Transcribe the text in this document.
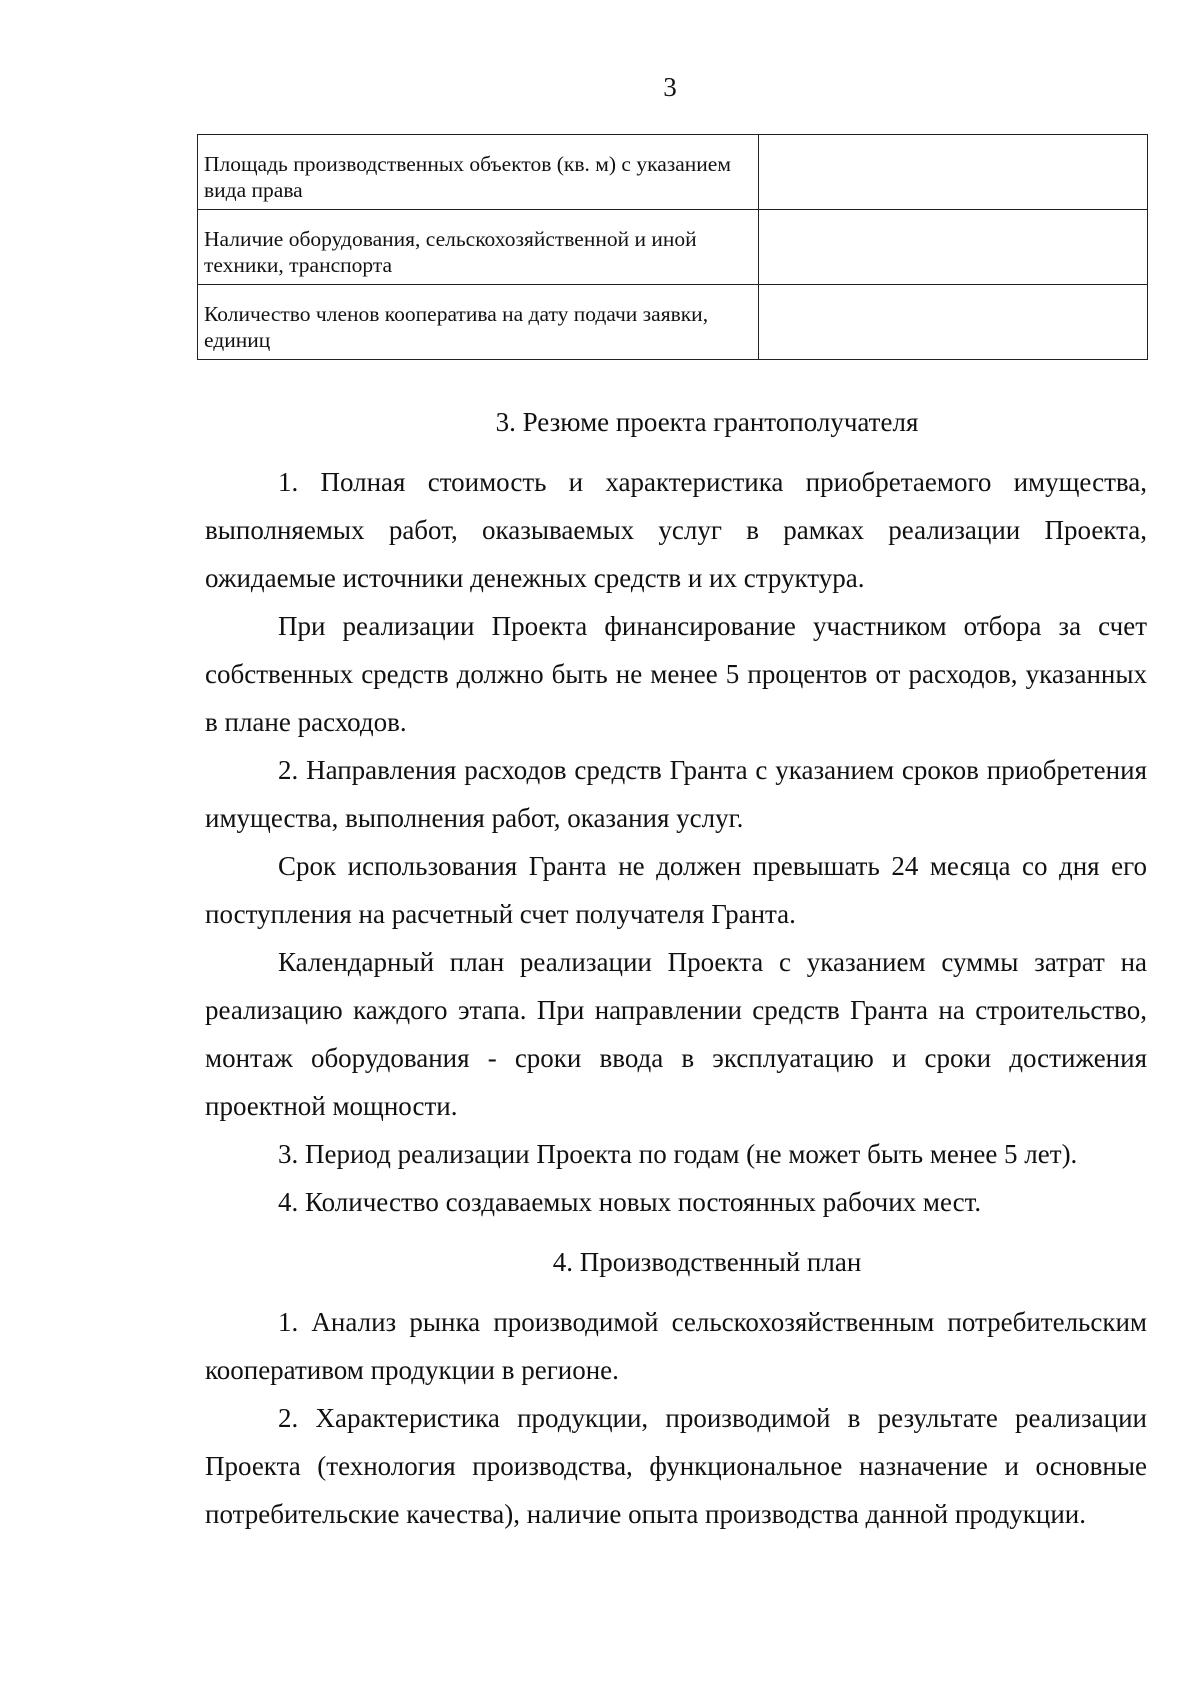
3
Площадь производственных объектов (кв. м) с указанием вида права	
Наличие оборудования, сельскохозяйственной и иной техники, транспорта	
Количество членов кооператива на дату подачи заявки, единиц	

3. Резюме проекта грантополучателя

1. Полная стоимость и характеристика приобретаемого имущества, выполняемых работ, оказываемых услуг в рамках реализации Проекта, ожидаемые источники денежных средств и их структура.

При реализации Проекта финансирование участником отбора за счет собственных средств должно быть не менее 5 процентов от расходов, указанных в плане расходов.

2. Направления расходов средств Гранта с указанием сроков приобретения имущества, выполнения работ, оказания услуг.

Срок использования Гранта не должен превышать 24 месяца со дня его поступления на расчетный счет получателя Гранта.

Календарный план реализации Проекта с указанием суммы затрат на реализацию каждого этапа. При направлении средств Гранта на строительство, монтаж оборудования - сроки ввода в эксплуатацию и сроки достижения проектной мощности.

3. Период реализации Проекта по годам (не может быть менее 5 лет).

4. Количество создаваемых новых постоянных рабочих мест.

4. Производственный план

1. Анализ рынка производимой сельскохозяйственным потребительским кооперативом продукции в регионе.

2. Характеристика продукции, производимой в результате реализации Проекта (технология производства, функциональное назначение и основные потребительские качества), наличие опыта производства данной продукции.
